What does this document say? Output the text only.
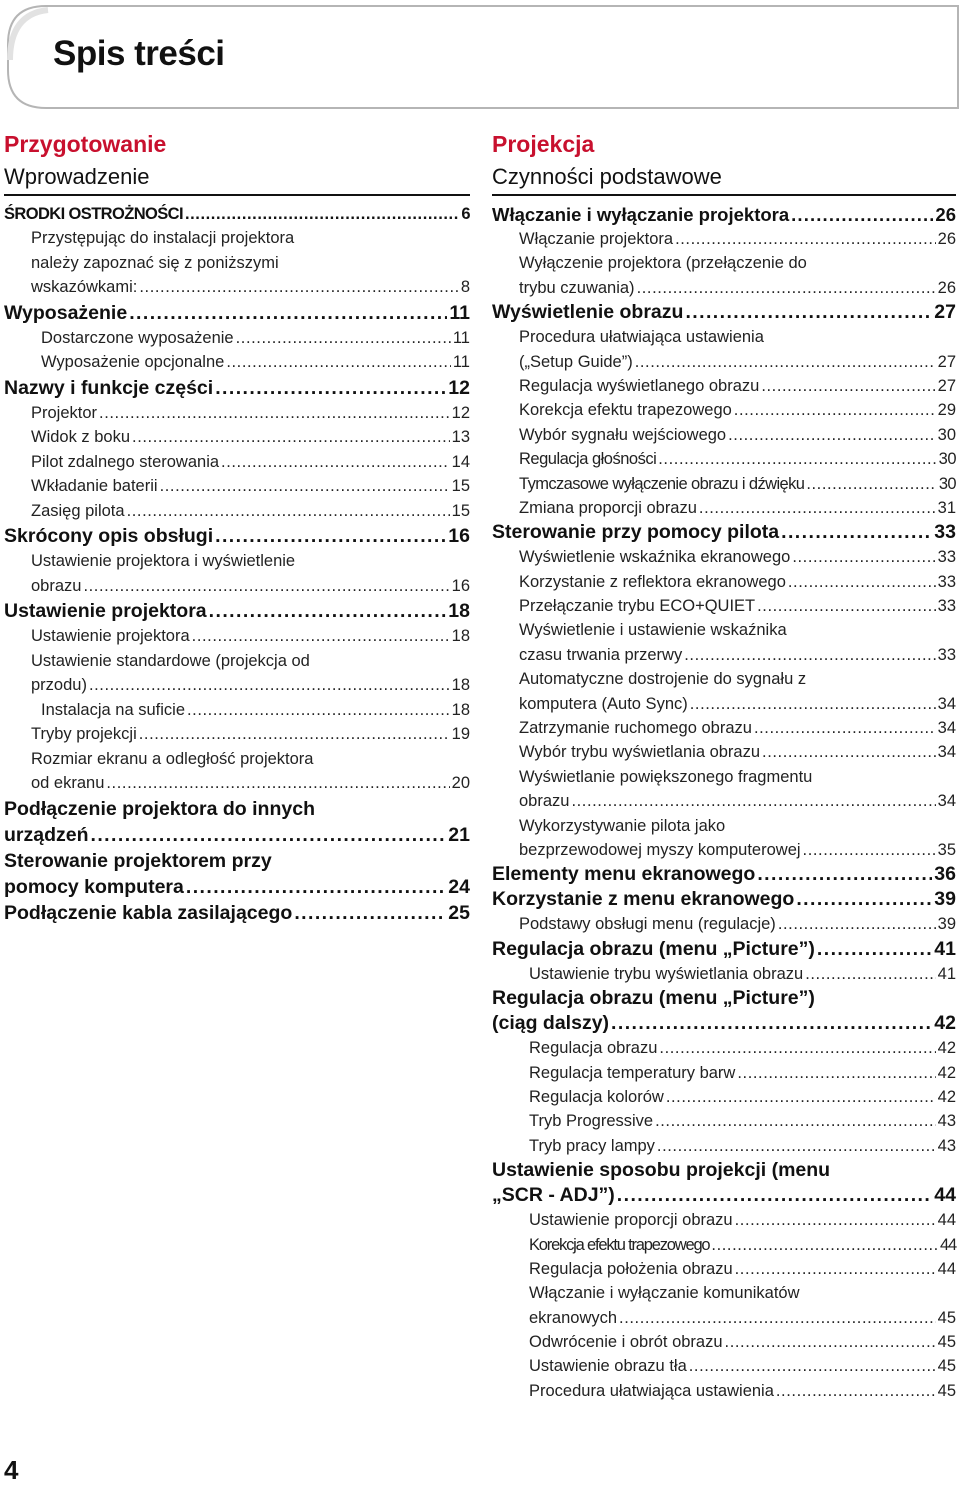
Spis treści
Przygotowanie
Wprowadzenie
ŚRODKI OSTROŻNOŚCI . . .	6
Przystępując do instalacji projektora
należy zapoznać się z poniższymi
wskazówkami: . . .	8
Wyposażenie . . .	11
Dostarczone wyposażenie . . .	11
Wyposażenie opcjonalne . . .	11
Nazwy i funkcje części . . .	12
Projektor . . .	12
Widok z boku . . .	13
Pilot zdalnego sterowania . . .	14
Wkładanie baterii . . .	15
Zasięg pilota . . .	15
Skrócony opis obsługi . . .	16
Ustawienie projektora i wyświetlenie
obrazu . . .	16
Ustawienie projektora . . .	18
Ustawienie projektora . . .	18
Ustawienie standardowe (projekcja od
przodu) . . .	18
Instalacja na suficie . . .	18
Tryby projekcji . . .	19
Rozmiar ekranu a odległość projektora
od ekranu . . .	20
Podłączenie projektora do innych
urządzeń . . .	21
Sterowanie projektorem przy
pomocy komputera . . .	24
Podłączenie kabla zasilającego . . .	25
Projekcja
Czynności podstawowe
Włączanie i wyłączanie projektora . . .	26
Włączanie projektora . . .	26
Wyłączenie projektora (przełączenie do
trybu czuwania) . . .	26
Wyświetlenie obrazu . . .	27
Procedura ułatwiająca ustawienia
(„Setup Guide”) . . .	27
Regulacja wyświetlanego obrazu . . .	27
Korekcja efektu trapezowego . . .	29
Wybór sygnału wejściowego . . .	30
Regulacja głośności . . .	30
Tymczasowe wyłączenie obrazu i dźwięku . . .	30
Zmiana proporcji obrazu . . .	31
Sterowanie przy pomocy pilota . . .	33
Wyświetlenie wskaźnika ekranowego . . .	33
Korzystanie z reflektora ekranowego . . .	33
Przełączanie trybu ECO+QUIET . . .	33
Wyświetlenie i ustawienie wskaźnika
czasu trwania przerwy . . .	33
Automatyczne dostrojenie do sygnału z
komputera (Auto Sync) . . .	34
Zatrzymanie ruchomego obrazu . . .	34
Wybór trybu wyświetlania obrazu . . .	34
Wyświetlanie powiększonego fragmentu
obrazu . . .	34
Wykorzystywanie pilota jako
bezprzewodowej myszy komputerowej . . .	35
Elementy menu ekranowego . . .	36
Korzystanie z menu ekranowego . . .	39
Podstawy obsługi menu (regulacje) . . .	39
Regulacja obrazu (menu „Picture”) . . .	41
Ustawienie trybu wyświetlania obrazu . . .	41
Regulacja obrazu (menu „Picture”)
(ciąg dalszy) . . .	42
Regulacja obrazu . . .	42
Regulacja temperatury barw . . .	42
Regulacja kolorów . . .	42
Tryb Progressive . . .	43
Tryb pracy lampy . . .	43
Ustawienie sposobu projekcji (menu
„SCR - ADJ”) . . .	44
Ustawienie proporcji obrazu . . .	44
Korekcja efektu trapezowego . . .	44
Regulacja położenia obrazu . . .	44
Włączanie i wyłączanie komunikatów
ekranowych . . .	45
Odwrócenie i obrót obrazu . . .	45
Ustawienie obrazu tła . . .	45
Procedura ułatwiająca ustawienia . . .	45
4
